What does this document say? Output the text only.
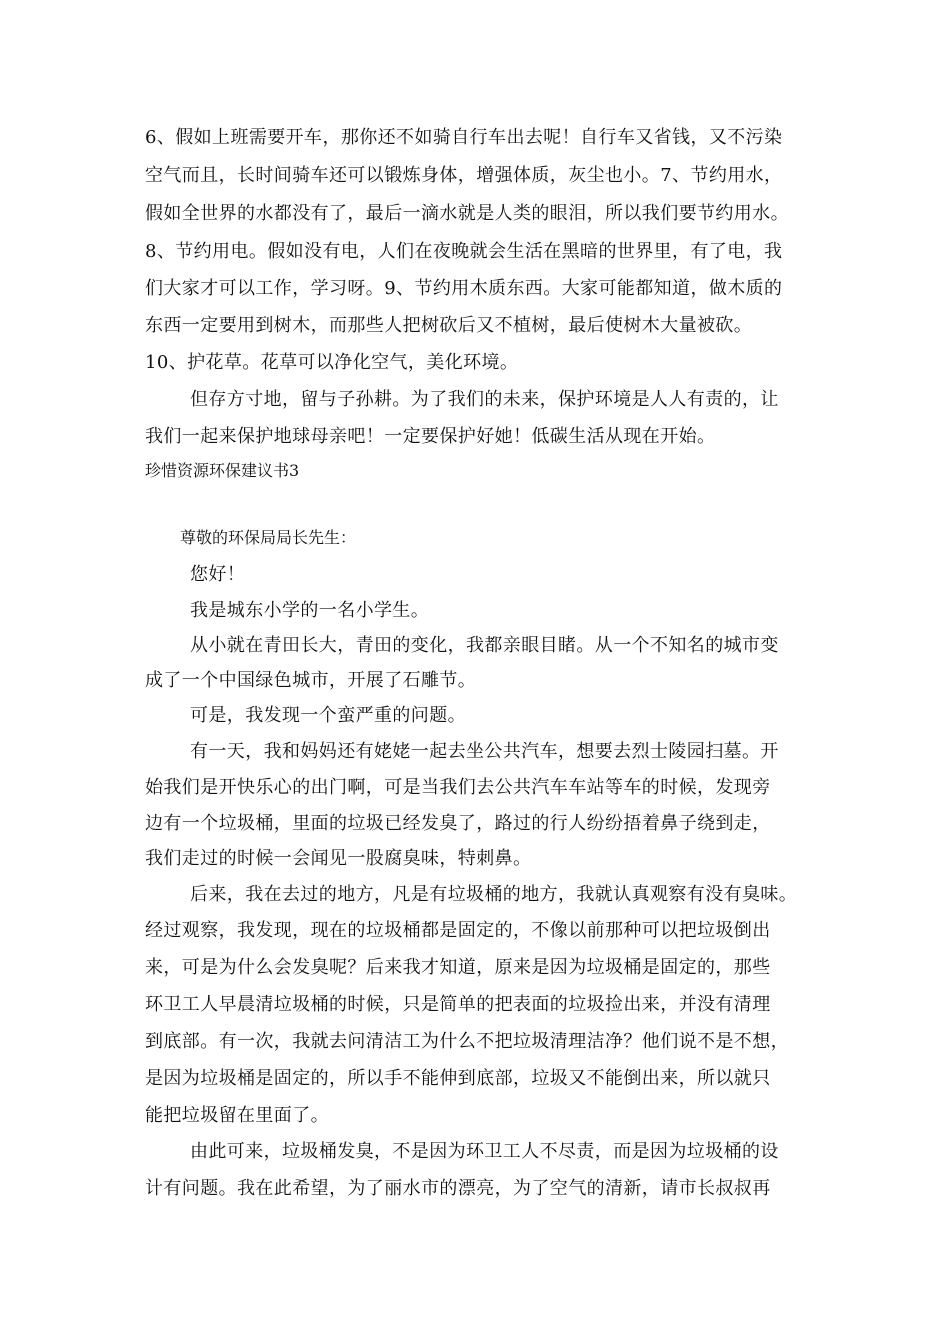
6、假如上班需要开车，那你还不如骑自行车出去呢！自行车又省钱，又不污染
空气而且，长时间骑车还可以锻炼身体，增强体质，灰尘也小。7、节约用水，
假如全世界的水都没有了，最后一滴水就是人类的眼泪，所以我们要节约用水。
8、节约用电。假如没有电，人们在夜晚就会生活在黑暗的世界里，有了电，我
们大家才可以工作，学习呀。9、节约用木质东西。大家可能都知道，做木质的
东西一定要用到树木，而那些人把树砍后又不植树，最后使树木大量被砍。
10、护花草。花草可以净化空气，美化环境。
但存方寸地，留与子孙耕。为了我们的未来，保护环境是人人有责的，让
我们一起来保护地球母亲吧！一定要保护好她！低碳生活从现在开始。
珍惜资源环保建议书3
尊敬的环保局局长先生：
您好！
我是城东小学的一名小学生。
从小就在青田长大，青田的变化，我都亲眼目睹。从一个不知名的城市变
成了一个中国绿色城市，开展了石雕节。
可是，我发现一个蛮严重的问题。
有一天，我和妈妈还有姥姥一起去坐公共汽车，想要去烈士陵园扫墓。开
始我们是开快乐心的出门啊，可是当我们去公共汽车车站等车的时候，发现旁
边有一个垃圾桶，里面的垃圾已经发臭了，路过的行人纷纷捂着鼻子绕到走，
我们走过的时候一会闻见一股腐臭味，特刺鼻。
后来，我在去过的地方，凡是有垃圾桶的地方，我就认真观察有没有臭味。
经过观察，我发现，现在的垃圾桶都是固定的，不像以前那种可以把垃圾倒出
来，可是为什么会发臭呢？后来我才知道，原来是因为垃圾桶是固定的，那些
环卫工人早晨清垃圾桶的时候，只是简单的把表面的垃圾捡出来，并没有清理
到底部。有一次，我就去问清洁工为什么不把垃圾清理洁净？他们说不是不想，
是因为垃圾桶是固定的，所以手不能伸到底部，垃圾又不能倒出来，所以就只
能把垃圾留在里面了。
由此可来，垃圾桶发臭，不是因为环卫工人不尽责，而是因为垃圾桶的设
计有问题。我在此希望，为了丽水市的漂亮，为了空气的清新，请市长叔叔再
